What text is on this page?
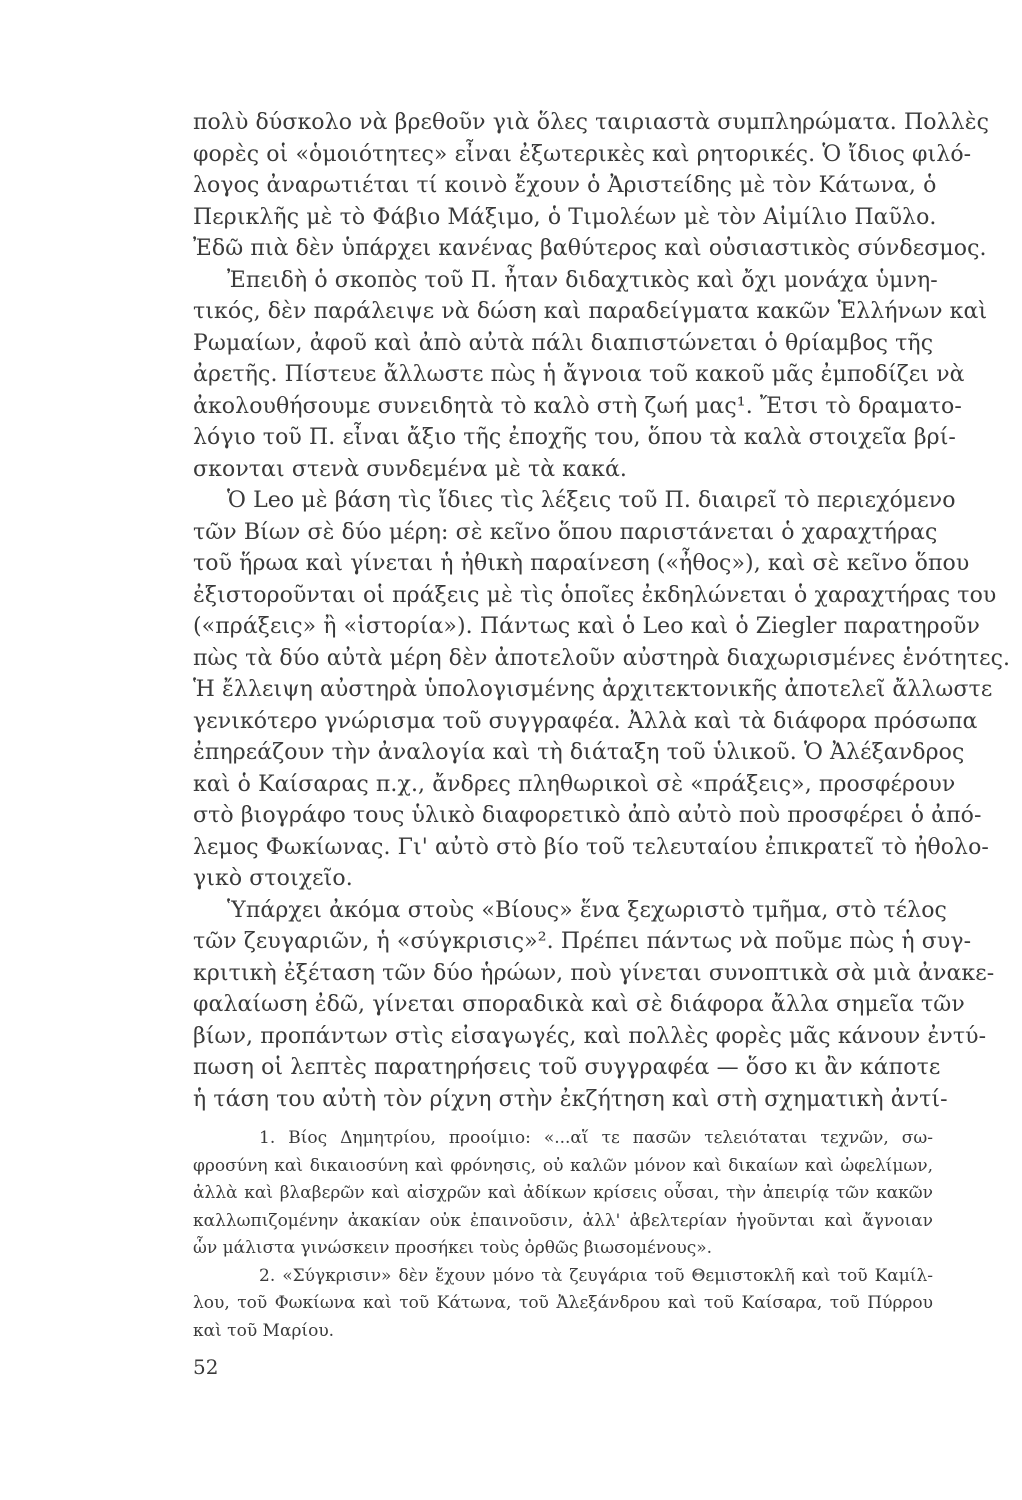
πολὺ δύσκολο νὰ βρεθοῦν γιὰ ὅλες ταιριαστὰ συμπληρώματα. Πολλὲς
φορὲς οἱ «ὁμοιότητες» εἶναι ἐξωτερικὲς καὶ ρητορικές. Ὁ ἴδιος φιλό-
λογος ἀναρωτιέται τί κοινὸ ἔχουν ὁ Ἀριστείδης μὲ τὸν Κάτωνα, ὁ
Περικλῆς μὲ τὸ Φάβιο Μάξιμο, ὁ Τιμολέων μὲ τὸν Αἰμίλιο Παῦλο.
Ἐδῶ πιὰ δὲν ὑπάρχει κανένας βαθύτερος καὶ οὐσιαστικὸς σύνδεσμος.
Ἐπειδὴ ὁ σκοπὸς τοῦ Π. ἦταν διδαχτικὸς καὶ ὄχι μονάχα ὑμνη-
τικός, δὲν παράλειψε νὰ δώση καὶ παραδείγματα κακῶν Ἑλλήνων καὶ
Ρωμαίων, ἀφοῦ καὶ ἀπὸ αὐτὰ πάλι διαπιστώνεται ὁ θρίαμβος τῆς
ἀρετῆς. Πίστευε ἄλλωστε πὼς ἡ ἄγνοια τοῦ κακοῦ μᾶς ἐμποδίζει νὰ
ἀκολουθήσουμε συνειδητὰ τὸ καλὸ στὴ ζωή μας¹. Ἔτσι τὸ δραματο-
λόγιο τοῦ Π. εἶναι ἄξιο τῆς ἐποχῆς του, ὅπου τὰ καλὰ στοιχεῖα βρί-
σκονται στενὰ συνδεμένα μὲ τὰ κακά.
Ὁ Leo μὲ βάση τὶς ἴδιες τὶς λέξεις τοῦ Π. διαιρεῖ τὸ περιεχόμενο
τῶν Βίων σὲ δύο μέρη: σὲ κεῖνο ὅπου παριστάνεται ὁ χαραχτήρας
τοῦ ἥρωα καὶ γίνεται ἡ ἠθικὴ παραίνεση («ἦθος»), καὶ σὲ κεῖνο ὅπου
ἐξιστοροῦνται οἱ πράξεις μὲ τὶς ὁποῖες ἐκδηλώνεται ὁ χαραχτήρας του
(«πράξεις» ἢ «ἱστορία»). Πάντως καὶ ὁ Leo καὶ ὁ Ziegler παρατηροῦν
πὼς τὰ δύο αὐτὰ μέρη δὲν ἀποτελοῦν αὐστηρὰ διαχωρισμένες ἑνότητες.
Ἡ ἔλλειψη αὐστηρὰ ὑπολογισμένης ἀρχιτεκτονικῆς ἀποτελεῖ ἄλλωστε
γενικότερο γνώρισμα τοῦ συγγραφέα. Ἀλλὰ καὶ τὰ διάφορα πρόσωπα
ἐπηρεάζουν τὴν ἀναλογία καὶ τὴ διάταξη τοῦ ὑλικοῦ. Ὁ Ἀλέξανδρος
καὶ ὁ Καίσαρας π.χ., ἄνδρες πληθωρικοὶ σὲ «πράξεις», προσφέρουν
στὸ βιογράφο τους ὑλικὸ διαφορετικὸ ἀπὸ αὐτὸ ποὺ προσφέρει ὁ ἀπό-
λεμος Φωκίωνας. Γι' αὐτὸ στὸ βίο τοῦ τελευταίου ἐπικρατεῖ τὸ ἠθολο-
γικὸ στοιχεῖο.
Ὑπάρχει ἀκόμα στοὺς «Βίους» ἕνα ξεχωριστὸ τμῆμα, στὸ τέλος
τῶν ζευγαριῶν, ἡ «σύγκρισις»². Πρέπει πάντως νὰ ποῦμε πὼς ἡ συγ-
κριτικὴ ἐξέταση τῶν δύο ἡρώων, ποὺ γίνεται συνοπτικὰ σὰ μιὰ ἀνακε-
φαλαίωση ἐδῶ, γίνεται σποραδικὰ καὶ σὲ διάφορα ἄλλα σημεῖα τῶν
βίων, προπάντων στὶς εἰσαγωγές, καὶ πολλὲς φορὲς μᾶς κάνουν ἐντύ-
πωση οἱ λεπτὲς παρατηρήσεις τοῦ συγγραφέα — ὅσο κι ἂν κάποτε
ἡ τάση του αὐτὴ τὸν ρίχνη στὴν ἐκζήτηση καὶ στὴ σχηματικὴ ἀντί-
1. Βίος Δημητρίου, προοίμιο: «...αἵ τε πασῶν τελειόταται τεχνῶν, σω-
φροσύνη καὶ δικαιοσύνη καὶ φρόνησις, οὐ καλῶν μόνον καὶ δικαίων καὶ ὠφελίμων,
ἀλλὰ καὶ βλαβερῶν καὶ αἰσχρῶν καὶ ἀδίκων κρίσεις οὖσαι, τὴν ἀπειρίᾳ τῶν κακῶν
καλλωπιζομένην ἀκακίαν οὐκ ἐπαινοῦσιν, ἀλλ' ἀβελτερίαν ἡγοῦνται καὶ ἄγνοιαν
ὧν μάλιστα γινώσκειν προσήκει τοὺς ὀρθῶς βιωσομένους».
2. «Σύγκρισιν» δὲν ἔχουν μόνο τὰ ζευγάρια τοῦ Θεμιστοκλῆ καὶ τοῦ Καμίλ-
λου, τοῦ Φωκίωνα καὶ τοῦ Κάτωνα, τοῦ Ἀλεξάνδρου καὶ τοῦ Καίσαρα, τοῦ Πύρρου
καὶ τοῦ Μαρίου.
52
